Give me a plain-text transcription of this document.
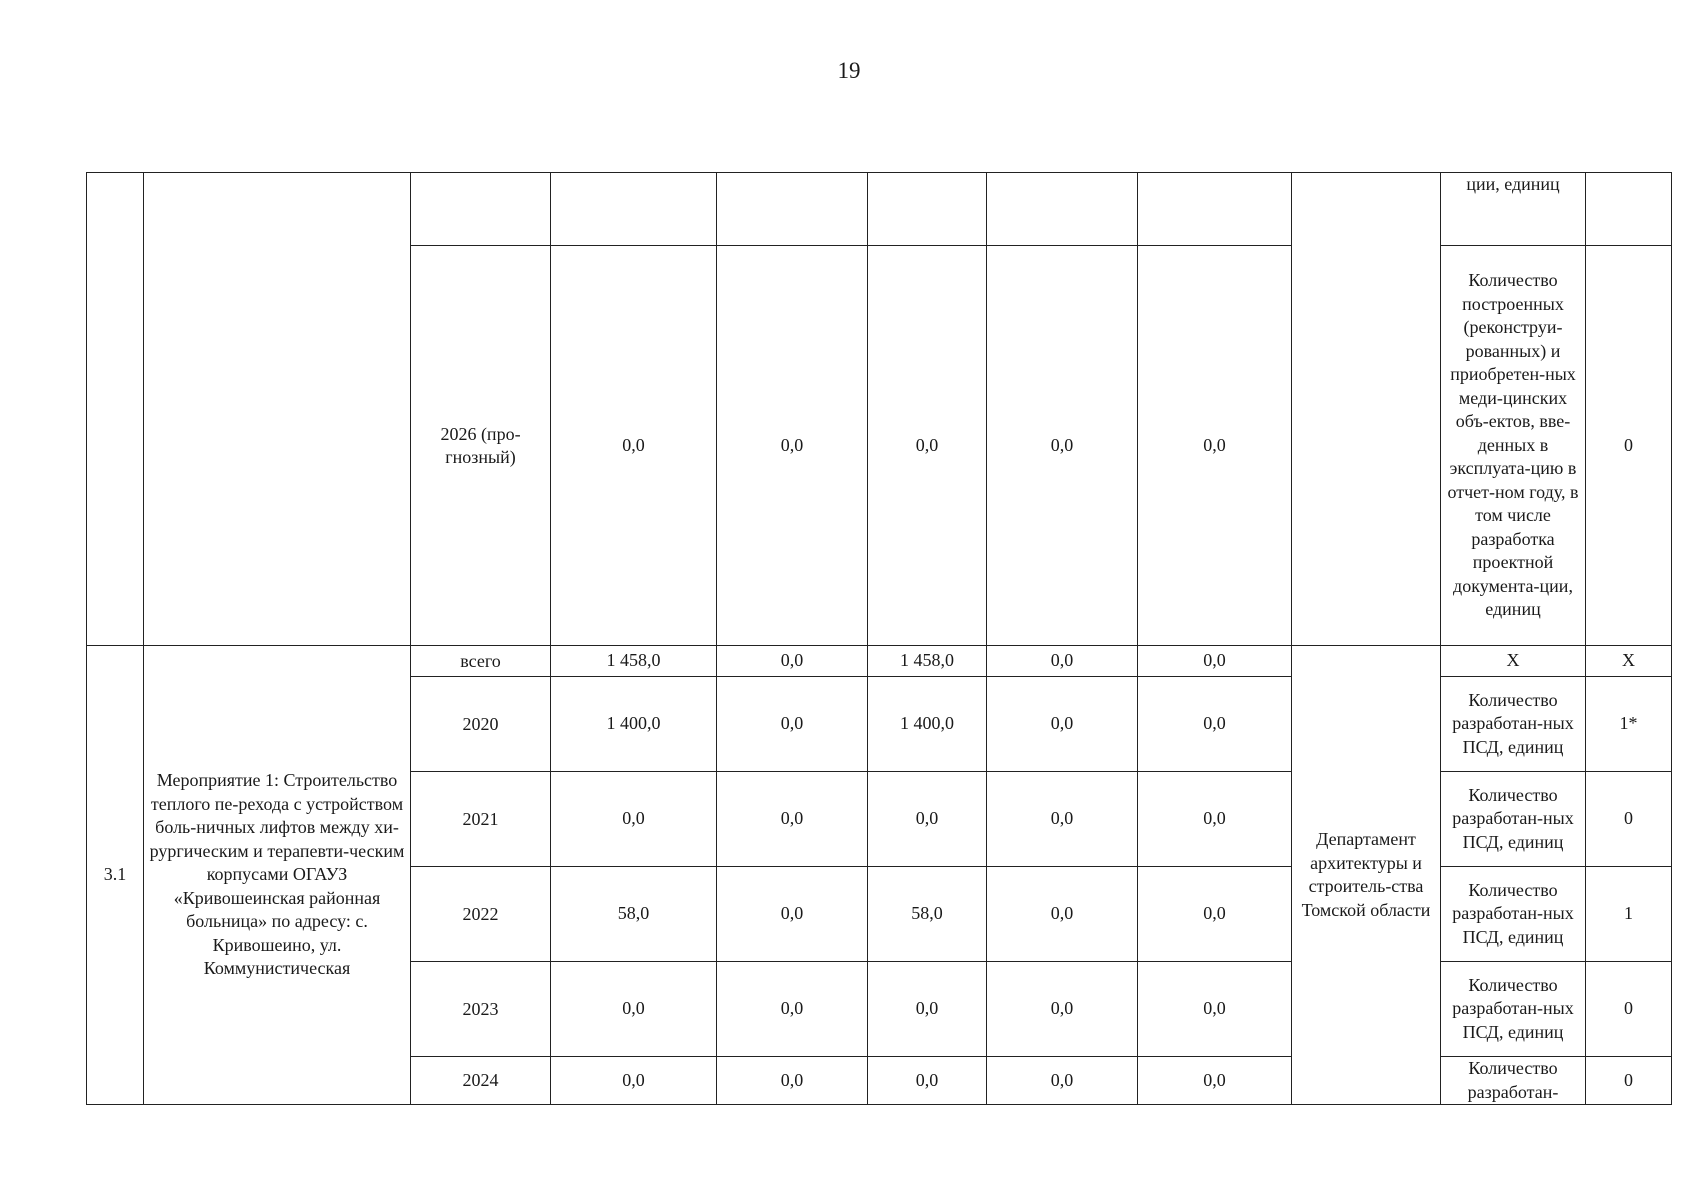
19
									ции, единиц	
		2026 (про-гнозный)	0,0	0,0	0,0	0,0	0,0		Количество построенных (реконструи-рованных) и приобретен-ных меди-цинских объ-ектов, вве-денных в эксплуата-цию в отчет-ном году, в том числе разработка проектной документа-ции, единиц	0
3.1	Мероприятие 1: Строительство теплого пе-рехода с устройством боль-ничных лифтов между хи-рургическим и терапевти-ческим корпусами ОГАУЗ «Кривошеинская районная больница» по адресу: с. Кривошеино, ул. Коммунистическая	всего	1 458,0	0,0	1 458,0	0,0	0,0	Департамент архитектуры и строитель-ства Томской области	X	X
		2020	1 400,0	0,0	1 400,0	0,0	0,0		Количество разработан-ных ПСД, единиц	1*
		2021	0,0	0,0	0,0	0,0	0,0		Количество разработан-ных ПСД, единиц	0
		2022	58,0	0,0	58,0	0,0	0,0		Количество разработан-ных ПСД, единиц	1
		2023	0,0	0,0	0,0	0,0	0,0		Количество разработан-ных ПСД, единиц	0
		2024	0,0	0,0	0,0	0,0	0,0		Количество разработан-	0
